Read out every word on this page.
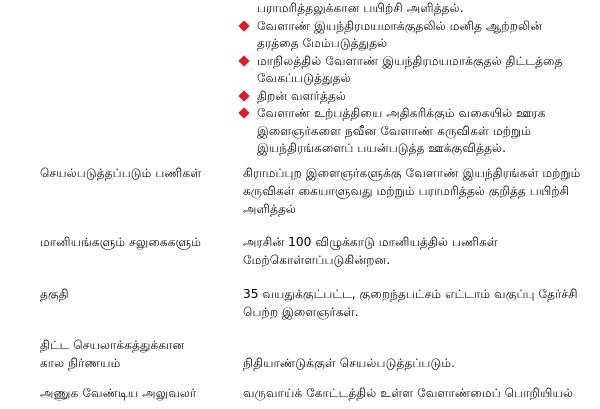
பராமரித்தலுக்கான பயிற்சி அளித்தல்.
வேளாண் இயந்திரமயமாக்குதலில் மனித ஆற்றலின்
தரத்தை மேம்படுத்துதல்
மாநிலத்தில் வேளாண் இயந்திரமயமாக்குதல் திட்டத்தை
வேகப்படுத்துதல்
திறன் வளர்த்தல்
வேளாண் உற்பத்தியை அதிகரிக்கும் வகையில் ஊரக
இளைஞர்களை நவீன வேளாண் கருவிகள் மற்றும்
இயந்திரங்களைப் பயன்படுத்த ஊக்குவித்தல்.
செயல்படுத்தப்படும் பணிகள்	கிராமப்புற இளைஞர்களுக்கு வேளாண் இயந்திரங்கள் மற்றும்
கருவிகள் கையாளுவது மற்றும் பராமரித்தல் குறித்த பயிற்சி
அளித்தல்
மானியங்களும் சலுகைகளும்	அரசின் 100 விழுக்காடு மானியத்தில் பணிகள்
மேற்கொள்ளப்படுகின்றன.
தகுதி	35 வயதுக்குட்பட்ட, குறைந்தபட்சம் எட்டாம் வகுப்பு தேர்ச்சி
பெற்ற இளைஞர்கள்.
திட்ட செயலாக்கத்துக்கான
கால நிர்ணயம்	நிதியாண்டுக்குள் செயல்படுத்தப்படும்.
அணுக வேண்டிய அலுவலர்	வருவாய்க் கோட்டத்தில் உள்ள வேளாண்மைப் பொறியியல்
